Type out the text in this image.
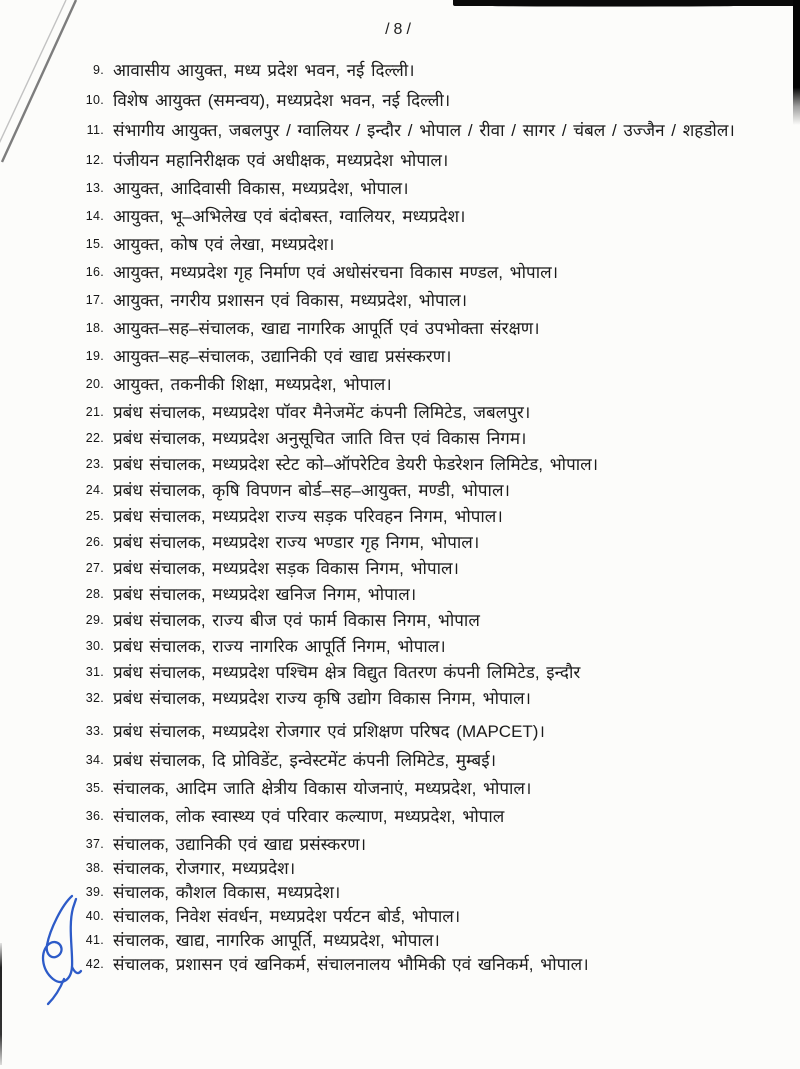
/8/
9. आवासीय आयुक्त, मध्य प्रदेश भवन, नई दिल्ली।
10. विशेष आयुक्त (समन्वय), मध्यप्रदेश भवन, नई दिल्ली।
11. संभागीय आयुक्त, जबलपुर / ग्वालियर / इन्दौर / भोपाल / रीवा / सागर / चंबल / उज्जैन / शहडोल।
12. पंजीयन महानिरीक्षक एवं अधीक्षक, मध्यप्रदेश भोपाल।
13. आयुक्त, आदिवासी विकास, मध्यप्रदेश, भोपाल।
14. आयुक्त, भू–अभिलेख एवं बंदोबस्त, ग्वालियर, मध्यप्रदेश।
15. आयुक्त, कोष एवं लेखा, मध्यप्रदेश।
16. आयुक्त, मध्यप्रदेश गृह निर्माण एवं अधोसंरचना विकास मण्डल, भोपाल।
17. आयुक्त, नगरीय प्रशासन एवं विकास, मध्यप्रदेश, भोपाल।
18. आयुक्त–सह–संचालक, खाद्य नागरिक आपूर्ति एवं उपभोक्ता संरक्षण।
19. आयुक्त–सह–संचालक, उद्यानिकी एवं खाद्य प्रसंस्करण।
20. आयुक्त, तकनीकी शिक्षा, मध्यप्रदेश, भोपाल।
21. प्रबंध संचालक, मध्यप्रदेश पॉवर मैनेजमेंट कंपनी लिमिटेड, जबलपुर।
22. प्रबंध संचालक, मध्यप्रदेश अनुसूचित जाति वित्त एवं विकास निगम।
23. प्रबंध संचालक, मध्यप्रदेश स्टेट को–ऑपरेटिव डेयरी फेडरेशन लिमिटेड, भोपाल।
24. प्रबंध संचालक, कृषि विपणन बोर्ड–सह–आयुक्त, मण्डी, भोपाल।
25. प्रबंध संचालक, मध्यप्रदेश राज्य सड़क परिवहन निगम, भोपाल।
26. प्रबंध संचालक, मध्यप्रदेश राज्य भण्डार गृह निगम, भोपाल।
27. प्रबंध संचालक, मध्यप्रदेश सड़क विकास निगम, भोपाल।
28. प्रबंध संचालक, मध्यप्रदेश खनिज निगम, भोपाल।
29. प्रबंध संचालक, राज्य बीज एवं फार्म विकास निगम, भोपाल
30. प्रबंध संचालक, राज्य नागरिक आपूर्ति निगम, भोपाल।
31. प्रबंध संचालक, मध्यप्रदेश पश्चिम क्षेत्र विद्युत वितरण कंपनी लिमिटेड, इन्दौर
32. प्रबंध संचालक, मध्यप्रदेश राज्य कृषि उद्योग विकास निगम, भोपाल।
33. प्रबंध संचालक, मध्यप्रदेश रोजगार एवं प्रशिक्षण परिषद (MAPCET)।
34. प्रबंध संचालक, दि प्रोविडेंट, इन्वेस्टमेंट कंपनी लिमिटेड, मुम्बई।
35. संचालक, आदिम जाति क्षेत्रीय विकास योजनाएं, मध्यप्रदेश, भोपाल।
36. संचालक, लोक स्वास्थ्य एवं परिवार कल्याण, मध्यप्रदेश, भोपाल
37. संचालक, उद्यानिकी एवं खाद्य प्रसंस्करण।
38. संचालक, रोजगार, मध्यप्रदेश।
39. संचालक, कौशल विकास, मध्यप्रदेश।
40. संचालक, निवेश संवर्धन, मध्यप्रदेश पर्यटन बोर्ड, भोपाल।
41. संचालक, खाद्य, नागरिक आपूर्ति, मध्यप्रदेश, भोपाल।
42. संचालक, प्रशासन एवं खनिकर्म, संचालनालय भौमिकी एवं खनिकर्म, भोपाल।
